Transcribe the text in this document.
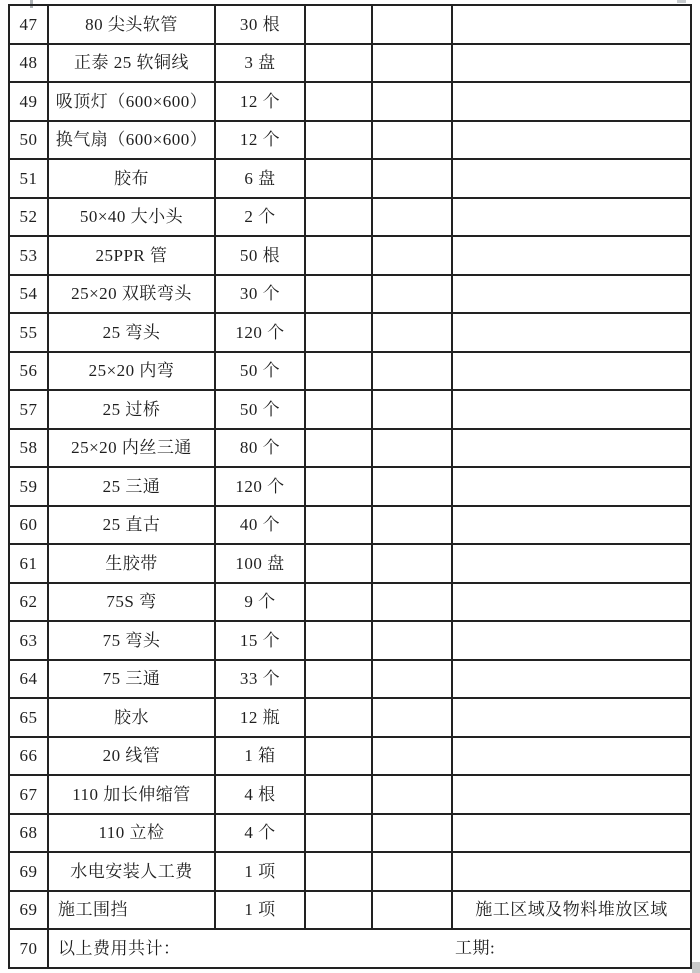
47	80 尖头软管	30 根			
48	正泰 25 软铜线	3 盘			
49	吸顶灯（600×600）	12 个			
50	换气扇（600×600）	12 个			
51	胶布	6 盘			
52	50×40 大小头	2 个			
53	25PPR 管	50 根			
54	25×20 双联弯头	30 个			
55	25 弯头	120 个			
56	25×20 内弯	50 个			
57	25 过桥	50 个			
58	25×20 内丝三通	80 个			
59	25 三通	120 个			
60	25 直古	40 个			
61	生胶带	100 盘			
62	75S 弯	9 个			
63	75 弯头	15 个			
64	75 三通	33 个			
65	胶水	12 瓶			
66	20 线管	1 箱			
67	110 加长伸缩管	4 根			
68	110 立检	4 个			
69	水电安装人工费	1 项			
69	施工围挡	1 项			施工区域及物料堆放区域
70	以上费用共计： 工期:				
